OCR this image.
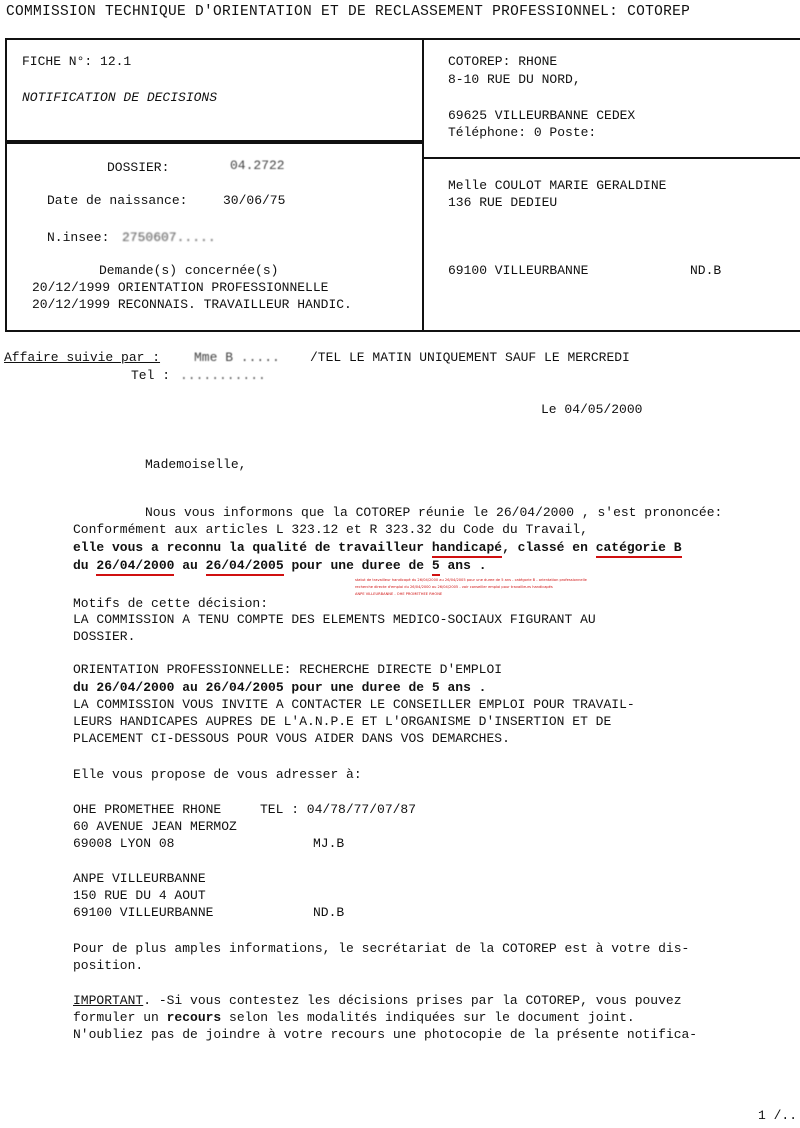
COMMISSION TECHNIQUE D'ORIENTATION ET DE RECLASSEMENT PROFESSIONNEL: COTOREP
FICHE N°: 12.1
NOTIFICATION DE DECISIONS
COTOREP: RHONE
8-10 RUE DU NORD,
69625 VILLEURBANNE CEDEX
Téléphone: 0 Poste:
DOSSIER:	04.2722
Date de naissance:	30/06/75
N.insee: 2750607.....
Demande(s) concernée(s)
20/12/1999 ORIENTATION PROFESSIONNELLE
20/12/1999 RECONNAIS. TRAVAILLEUR HANDIC.
Melle COULOT MARIE GERALDINE
136 RUE DEDIEU
69100 VILLEURBANNE	ND.B
Affaire suivie par :	Mme B ..... /TEL LE MATIN UNIQUEMENT SAUF LE MERCREDI
Tel : ...........
Le 04/05/2000
Mademoiselle,
Nous vous informons que la COTOREP réunie le 26/04/2000 , s'est prononcée:
Conformément aux articles L 323.12 et R 323.32 du Code du Travail,
elle vous a reconnu la qualité de travailleur handicapé, classé en catégorie B
du 26/04/2000 au 26/04/2005 pour une duree de 5 ans .
statut de travailleur handicapé du 26/04/2000 au 26/04/2005 pour une duree de 5 ans - catégorie B - orientation professionnelle
recherche directe d'emploi du 26/04/2000 au 26/04/2005 - voir conseiller emploi pour travailleurs handicapés
ANPE VILLEURBANNE - OHE PROMETHEE RHONE
Motifs de cette décision:
LA COMMISSION A TENU COMPTE DES ELEMENTS MEDICO-SOCIAUX FIGURANT AU
DOSSIER.
ORIENTATION PROFESSIONNELLE: RECHERCHE DIRECTE D'EMPLOI
du 26/04/2000 au 26/04/2005 pour une duree de 5 ans .
LA COMMISSION VOUS INVITE A CONTACTER LE CONSEILLER EMPLOI POUR TRAVAIL-
LEURS HANDICAPES AUPRES DE L'A.N.P.E ET L'ORGANISME D'INSERTION ET DE
PLACEMENT CI-DESSOUS POUR VOUS AIDER DANS VOS DEMARCHES.
Elle vous propose de vous adresser à:
OHE PROMETHEE RHONE	TEL : 04/78/77/07/87
60 AVENUE JEAN MERMOZ
69008 LYON 08	MJ.B
ANPE VILLEURBANNE
150 RUE DU 4 AOUT
69100 VILLEURBANNE	ND.B
Pour de plus amples informations, le secrétariat de la COTOREP est à votre dis-
position.
IMPORTANT. -Si vous contestez les décisions prises par la COTOREP, vous pouvez
formuler un recours selon les modalités indiquées sur le document joint.
N'oubliez pas de joindre à votre recours une photocopie de la présente notifica-
1 /..
